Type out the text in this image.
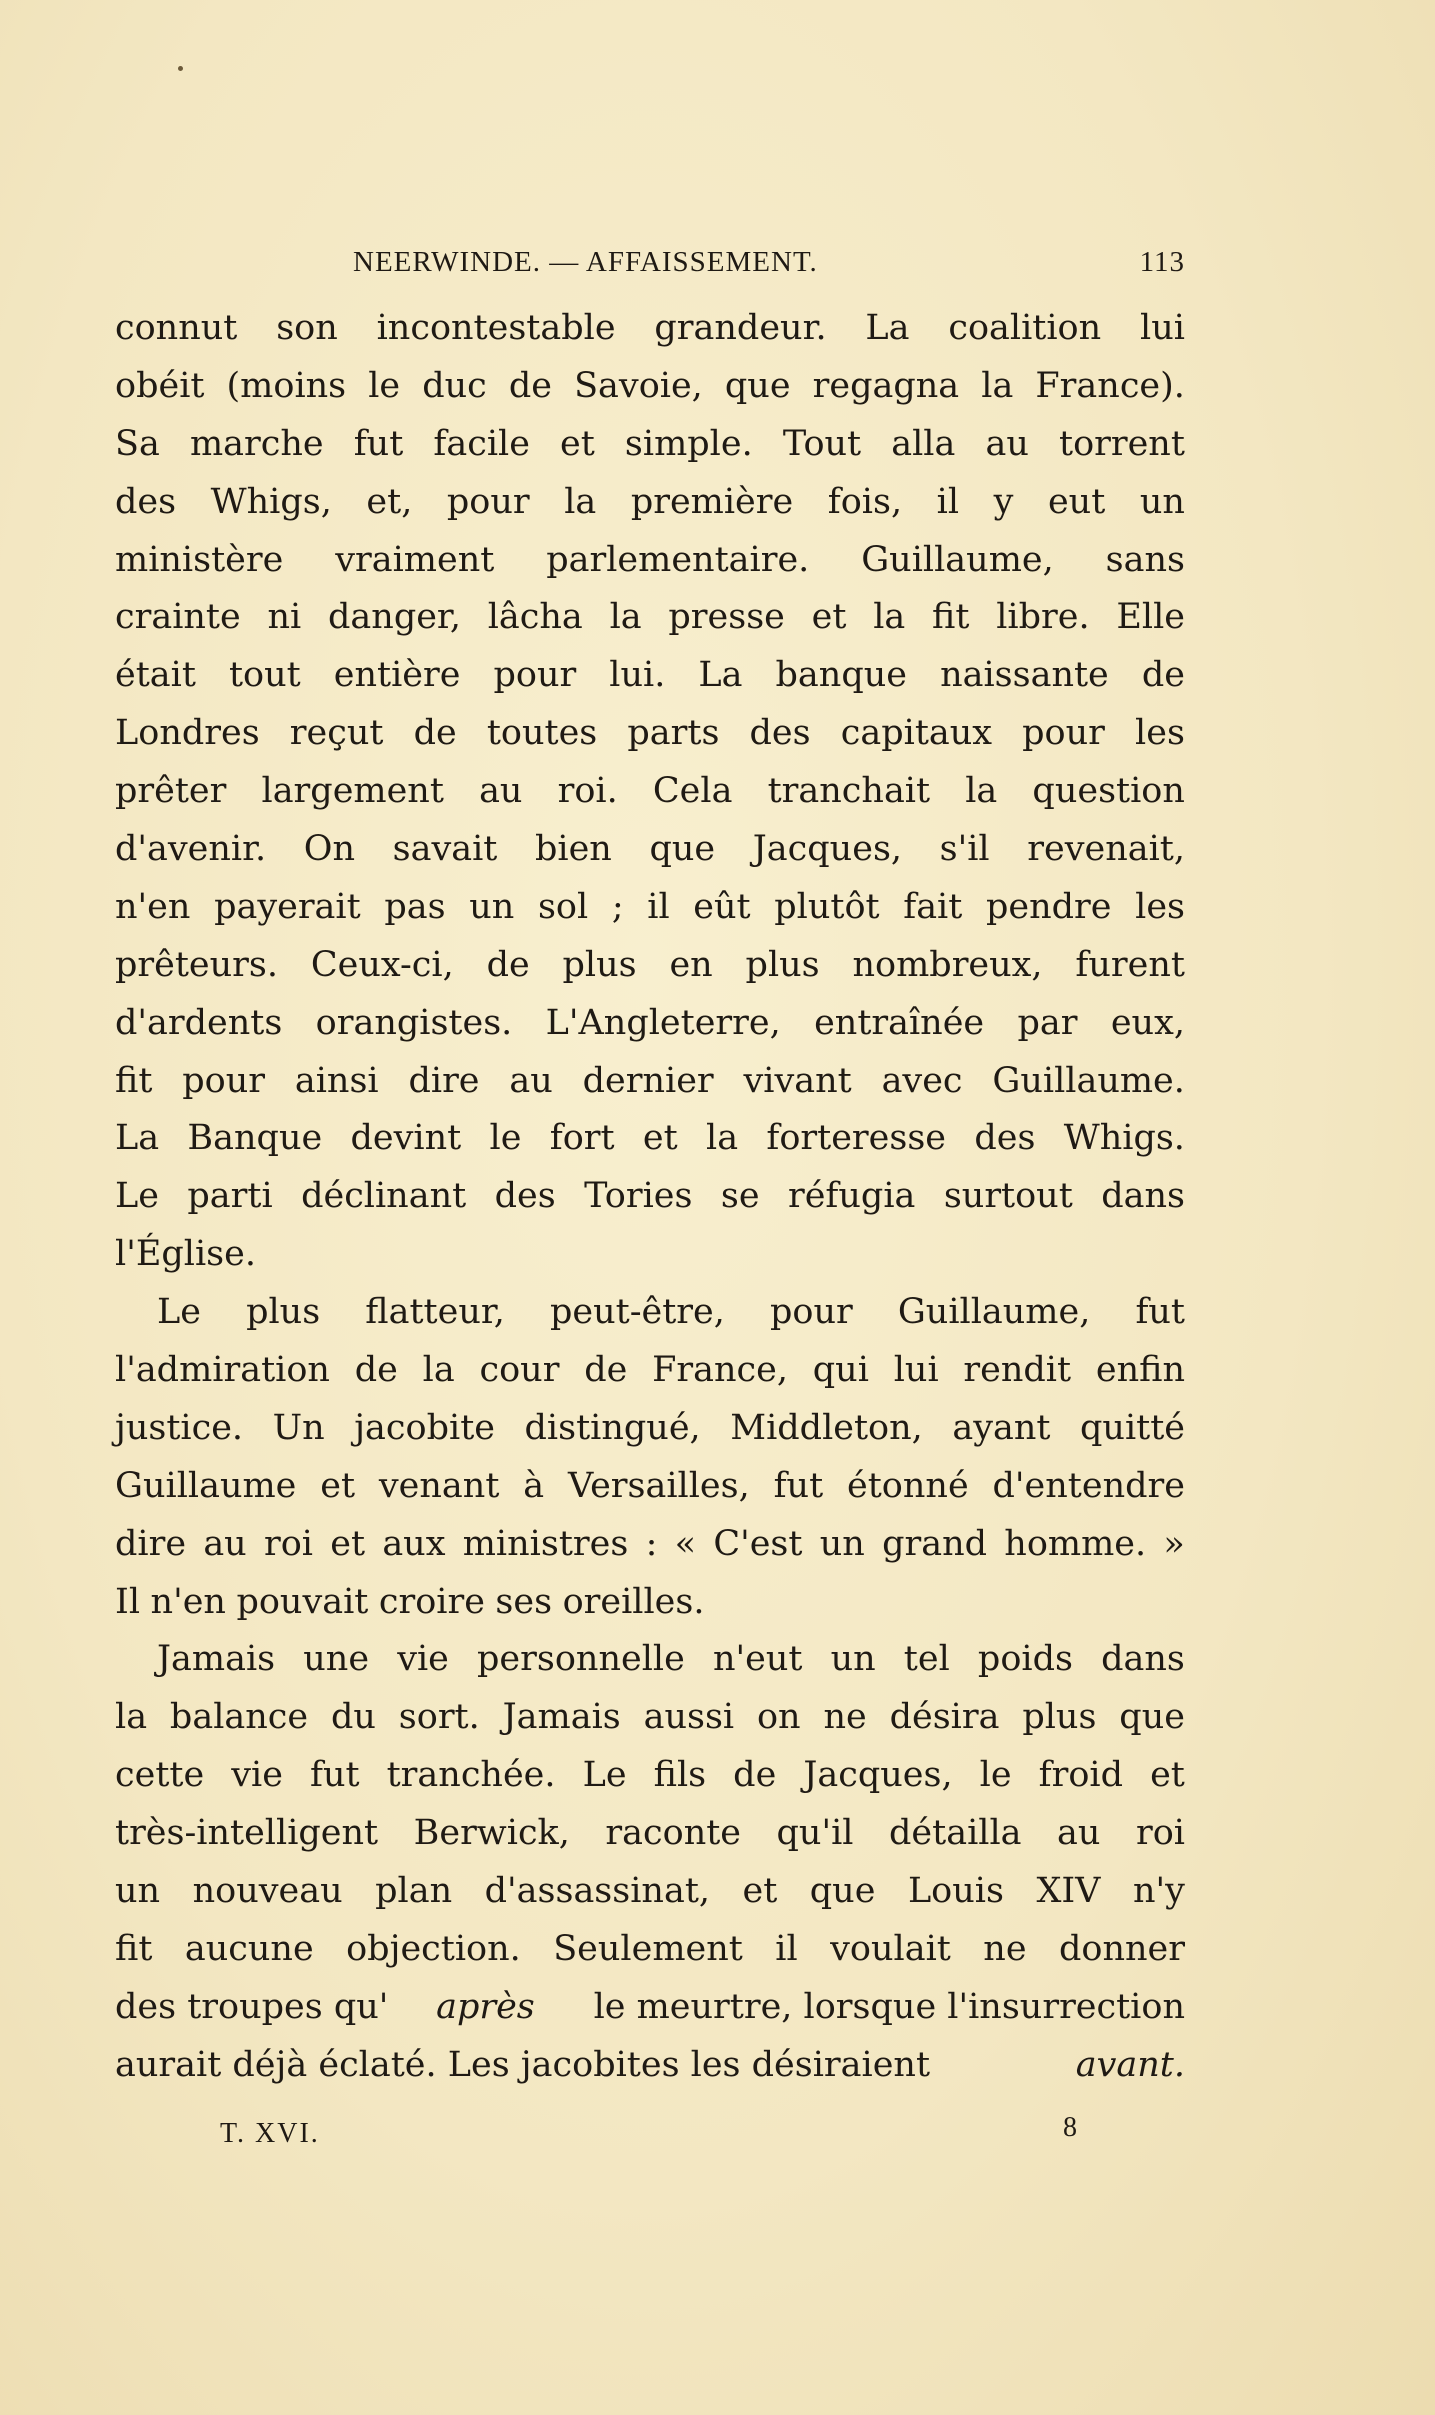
NEERWINDE. — AFFAISSEMENT.	113
connut son incontestable grandeur. La coalition lui
obéit (moins le duc de Savoie, que regagna la France).
Sa marche fut facile et simple. Tout alla au torrent
des Whigs, et, pour la première fois, il y eut un
ministère vraiment parlementaire. Guillaume, sans
crainte ni danger, lâcha la presse et la fit libre. Elle
était tout entière pour lui. La banque naissante de
Londres reçut de toutes parts des capitaux pour les
prêter largement au roi. Cela tranchait la question
d'avenir. On savait bien que Jacques, s'il revenait,
n'en payerait pas un sol ; il eût plutôt fait pendre les
prêteurs. Ceux-ci, de plus en plus nombreux, furent
d'ardents orangistes. L'Angleterre, entraînée par eux,
fit pour ainsi dire au dernier vivant avec Guillaume.
La Banque devint le fort et la forteresse des Whigs.
Le parti déclinant des Tories se réfugia surtout dans
l'Église.
Le plus flatteur, peut-être, pour Guillaume, fut
l'admiration de la cour de France, qui lui rendit enfin
justice. Un jacobite distingué, Middleton, ayant quitté
Guillaume et venant à Versailles, fut étonné d'entendre
dire au roi et aux ministres : « C'est un grand homme. »
Il n'en pouvait croire ses oreilles.
Jamais une vie personnelle n'eut un tel poids dans
la balance du sort. Jamais aussi on ne désira plus que
cette vie fut tranchée. Le fils de Jacques, le froid et
très-intelligent Berwick, raconte qu'il détailla au roi
un nouveau plan d'assassinat, et que Louis XIV n'y
fit aucune objection. Seulement il voulait ne donner
des troupes qu' après le meurtre, lorsque l'insurrection
aurait déjà éclaté. Les jacobites les désiraient	avant.
T. XVI.	8
